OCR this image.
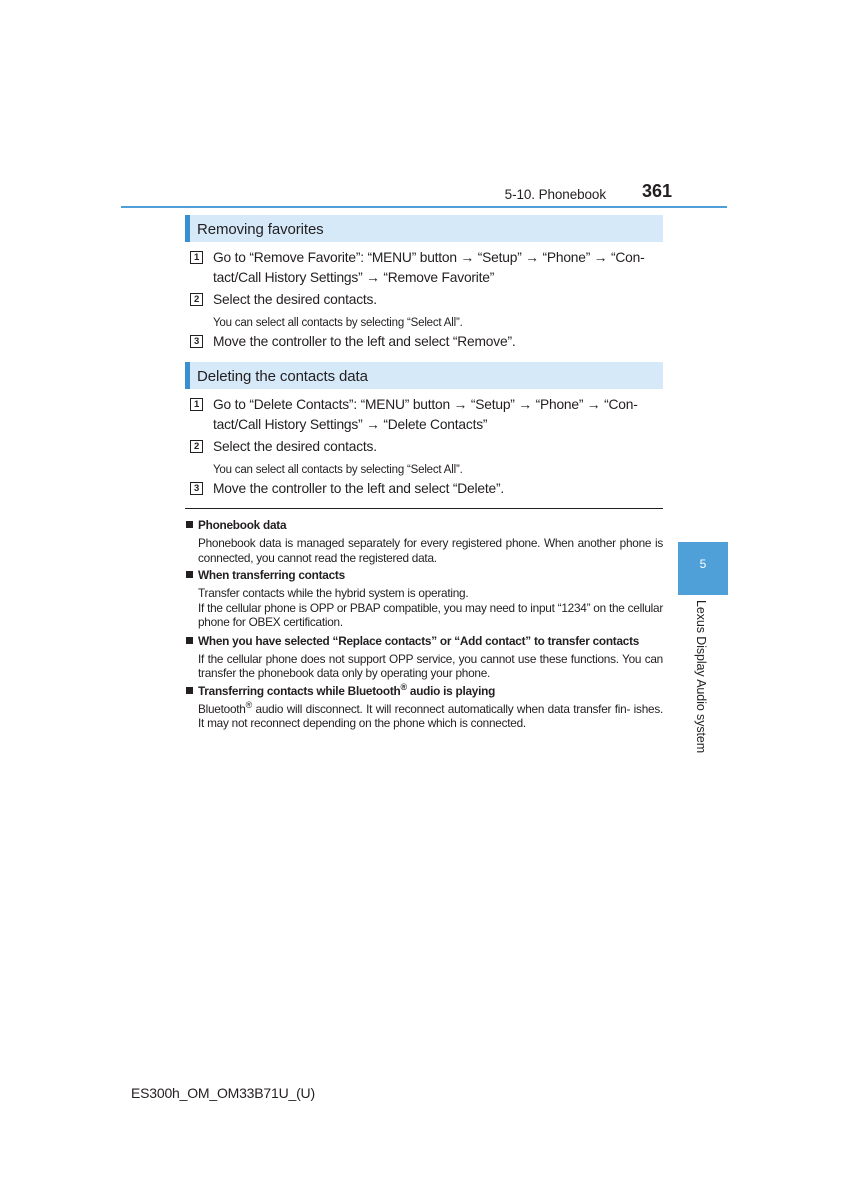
5-10. Phonebook 361
Removing favorites
1 Go to “Remove Favorite”: “MENU” button → “Setup” → “Phone” → “Con- tact/Call History Settings” → “Remove Favorite”
2 Select the desired contacts.
You can select all contacts by selecting “Select All”.
3 Move the controller to the left and select “Remove”.
Deleting the contacts data
1 Go to “Delete Contacts”: “MENU” button → “Setup” → “Phone” → “Con- tact/Call History Settings” → “Delete Contacts”
2 Select the desired contacts.
You can select all contacts by selecting “Select All”.
3 Move the controller to the left and select “Delete”.
Phonebook data

Phonebook data is managed separately for every registered phone. When another phone is connected, you cannot read the registered data.

When transferring contacts

Transfer contacts while the hybrid system is operating.

If the cellular phone is OPP or PBAP compatible, you may need to input “1234” on the cellular phone for OBEX certification.

When you have selected “Replace contacts” or “Add contact” to transfer contacts

If the cellular phone does not support OPP service, you cannot use these functions. You can transfer the phonebook data only by operating your phone.

Transferring contacts while Bluetooth® audio is playing

Bluetooth® audio will disconnect. It will reconnect automatically when data transfer fin- ishes. It may not reconnect depending on the phone which is connected.

5
Lexus Display Audio system
ES300h_OM_OM33B71U_(U)
